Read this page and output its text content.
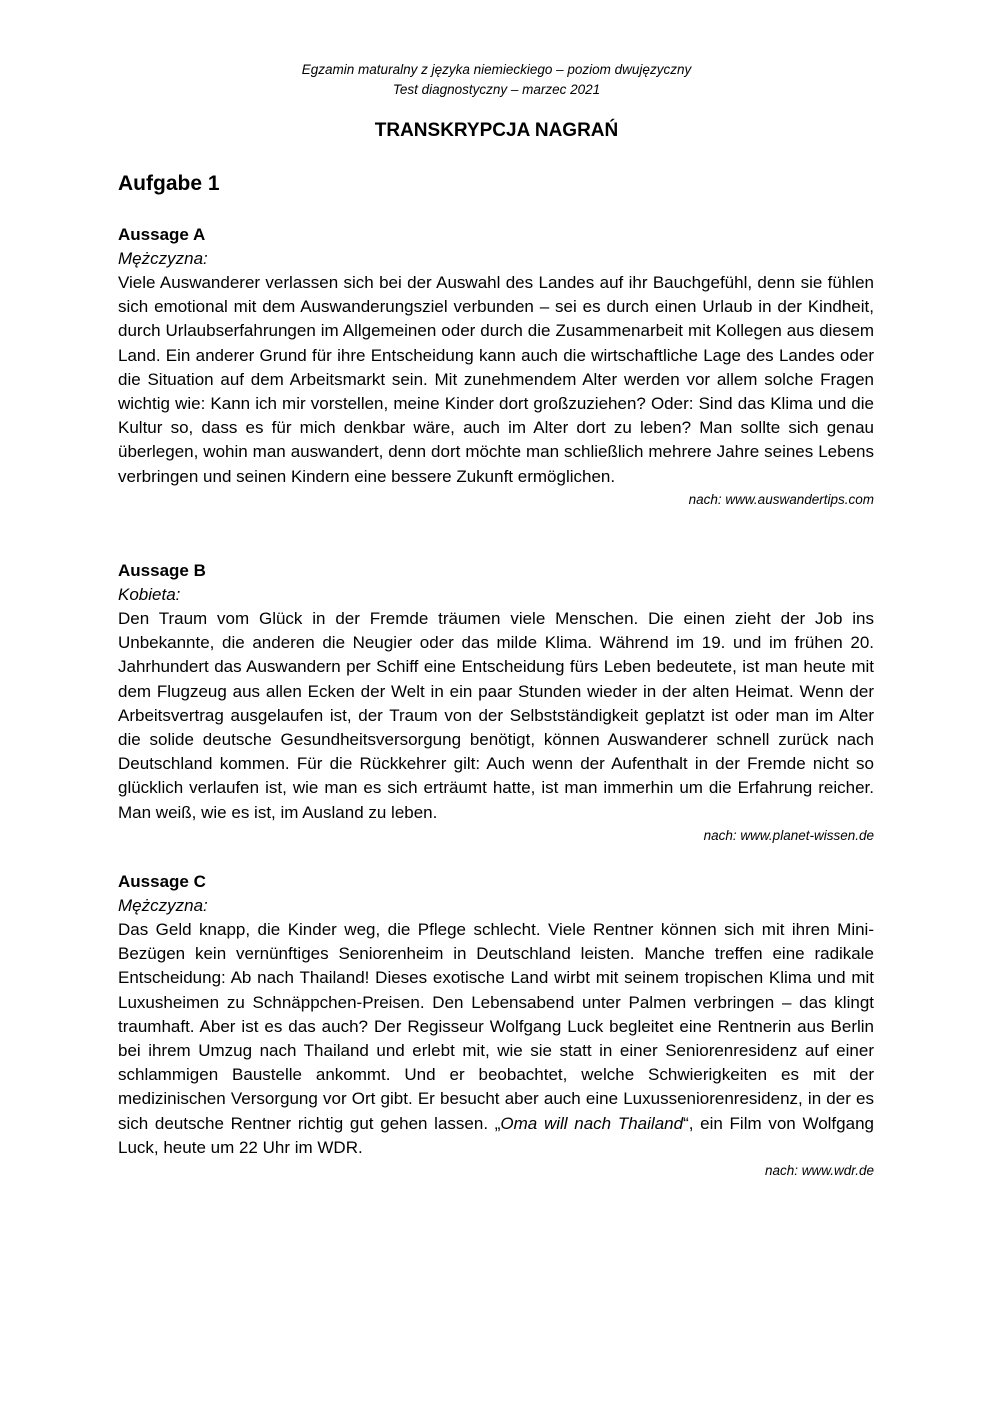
Egzamin maturalny z języka niemieckiego – poziom dwujęzyczny
Test diagnostyczny – marzec 2021
TRANSKRYPCJA NAGRAŃ
Aufgabe 1
Aussage A
Mężczyzna:

Viele Auswanderer verlassen sich bei der Auswahl des Landes auf ihr Bauchgefühl, denn sie fühlen sich emotional mit dem Auswanderungsziel verbunden – sei es durch einen Urlaub in der Kindheit, durch Urlaubserfahrungen im Allgemeinen oder durch die Zusammenarbeit mit Kollegen aus diesem Land. Ein anderer Grund für ihre Entscheidung kann auch die wirtschaftliche Lage des Landes oder die Situation auf dem Arbeitsmarkt sein. Mit zunehmendem Alter werden vor allem solche Fragen wichtig wie: Kann ich mir vorstellen, meine Kinder dort großzuziehen? Oder: Sind das Klima und die Kultur so, dass es für mich denkbar wäre, auch im Alter dort zu leben? Man sollte sich genau überlegen, wohin man auswandert, denn dort möchte man schließlich mehrere Jahre seines Lebens verbringen und seinen Kindern eine bessere Zukunft ermöglichen.

nach: www.auswandertips.com
Aussage B
Kobieta:

Den Traum vom Glück in der Fremde träumen viele Menschen. Die einen zieht der Job ins Unbekannte, die anderen die Neugier oder das milde Klima. Während im 19. und im frühen 20. Jahrhundert das Auswandern per Schiff eine Entscheidung fürs Leben bedeutete, ist man heute mit dem Flugzeug aus allen Ecken der Welt in ein paar Stunden wieder in der alten Heimat. Wenn der Arbeitsvertrag ausgelaufen ist, der Traum von der Selbstständigkeit geplatzt ist oder man im Alter die solide deutsche Gesundheitsversorgung benötigt, können Auswanderer schnell zurück nach Deutschland kommen. Für die Rückkehrer gilt: Auch wenn der Aufenthalt in der Fremde nicht so glücklich verlaufen ist, wie man es sich erträumt hatte, ist man immerhin um die Erfahrung reicher. Man weiß, wie es ist, im Ausland zu leben.

nach: www.planet-wissen.de
Aussage C
Mężczyzna:

Das Geld knapp, die Kinder weg, die Pflege schlecht. Viele Rentner können sich mit ihren Mini-Bezügen kein vernünftiges Seniorenheim in Deutschland leisten. Manche treffen eine radikale Entscheidung: Ab nach Thailand! Dieses exotische Land wirbt mit seinem tropischen Klima und mit Luxusheimen zu Schnäppchen-Preisen. Den Lebensabend unter Palmen verbringen – das klingt traumhaft. Aber ist es das auch? Der Regisseur Wolfgang Luck begleitet eine Rentnerin aus Berlin bei ihrem Umzug nach Thailand und erlebt mit, wie sie statt in einer Seniorenresidenz auf einer schlammigen Baustelle ankommt. Und er beobachtet, welche Schwierigkeiten es mit der medizinischen Versorgung vor Ort gibt. Er besucht aber auch eine Luxusseniorenresidenz, in der es sich deutsche Rentner richtig gut gehen lassen. „Oma will nach Thailand“, ein Film von Wolfgang Luck, heute um 22 Uhr im WDR.

nach: www.wdr.de
